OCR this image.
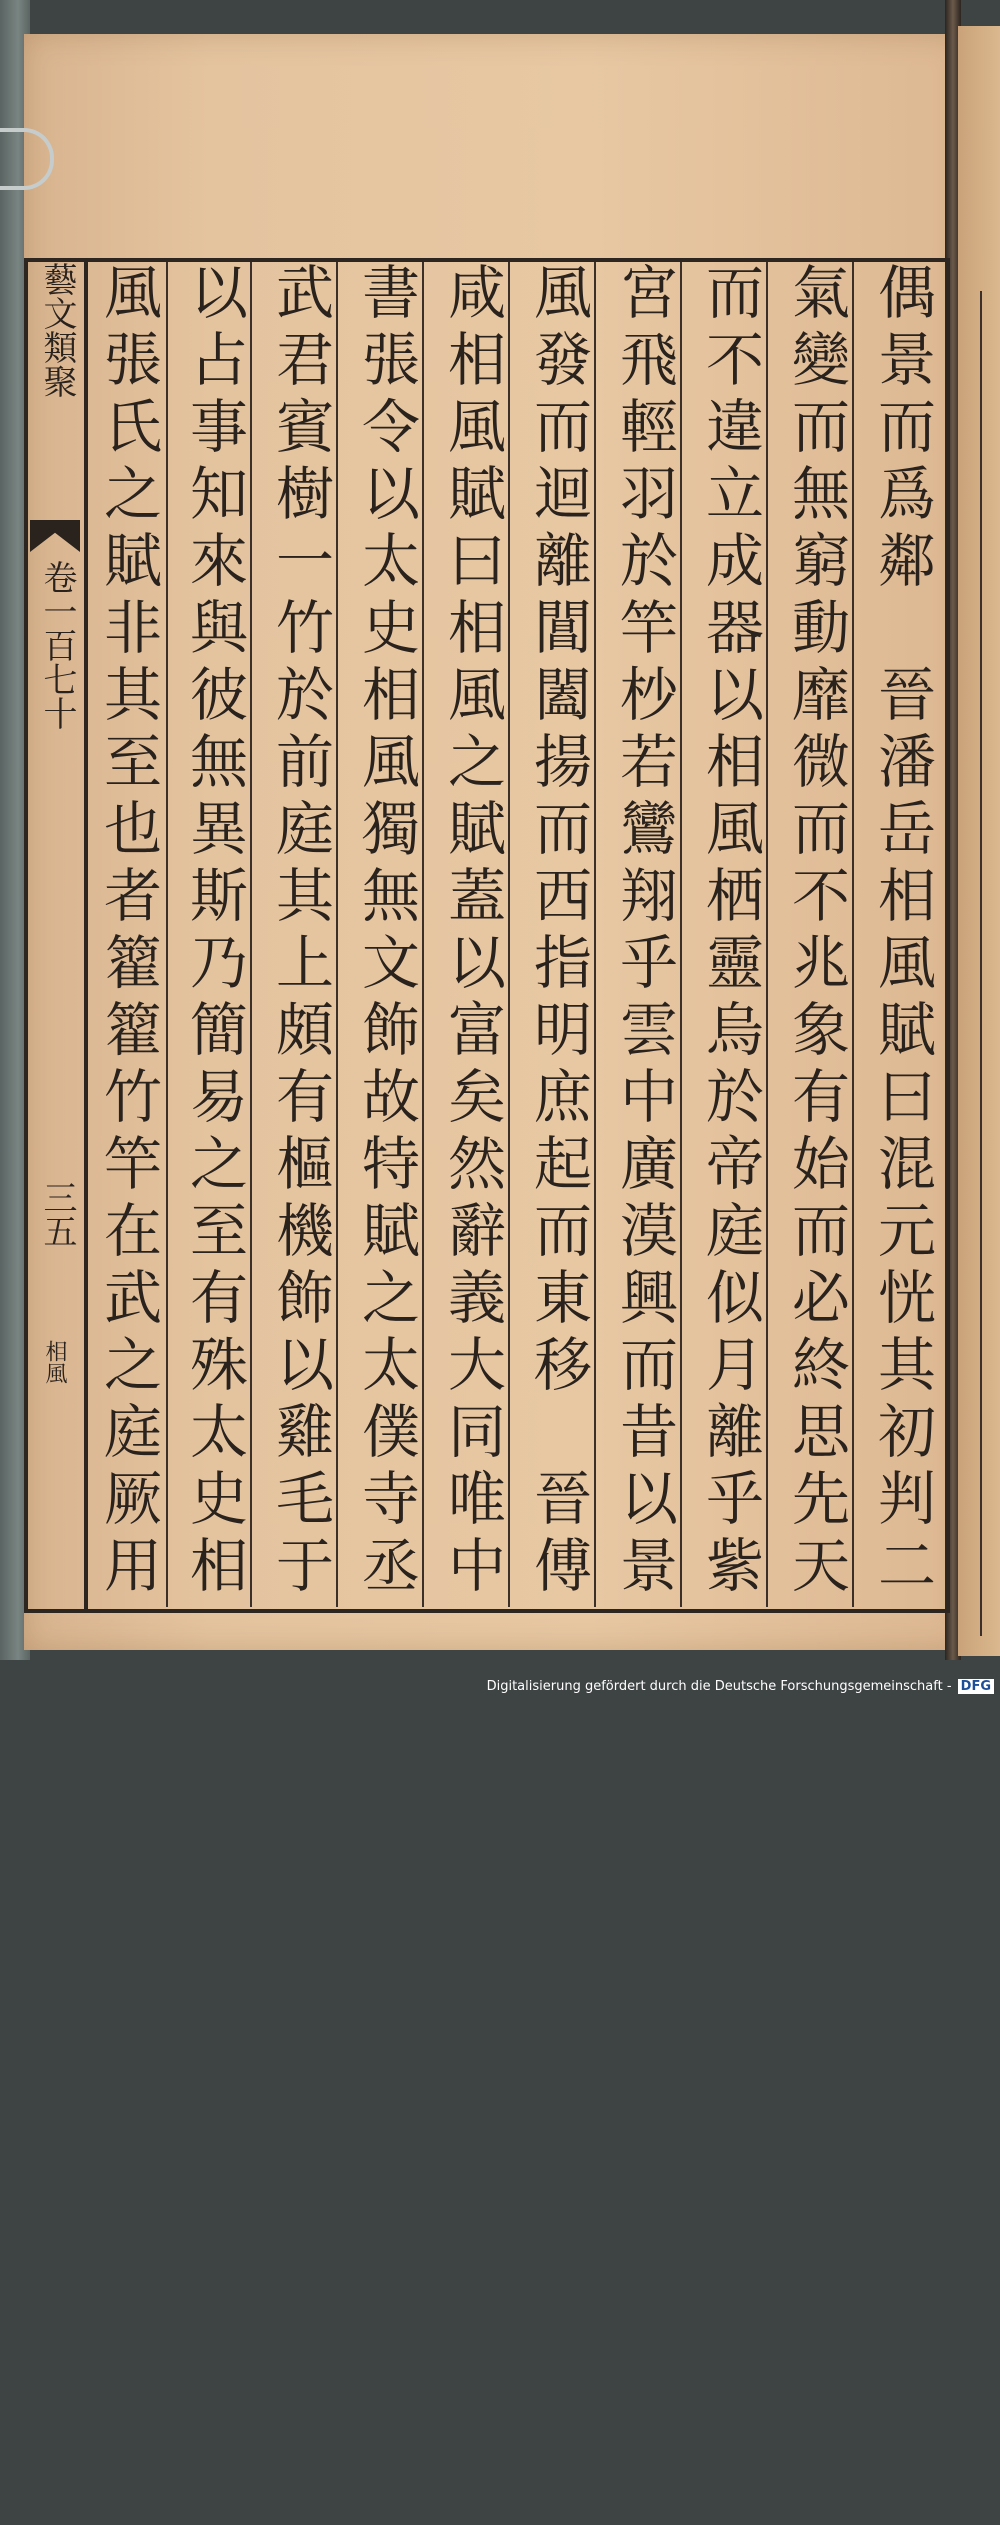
藝文類聚
卷一百七十
三五
相風	偶景而爲鄰　晉潘岳相風賦曰混元恍其初判二
氣變而無窮動靡微而不兆象有始而必終思先天
而不違立成器以相風栖靈烏於帝庭似月離乎紫
宮飛輕羽於竿杪若鸞翔乎雲中廣漠興而昔以景
風發而迴離閶闔揚而西指明庶起而東移　晉傅
咸相風賦曰相風之賦蓋以富矣然辭義大同唯中
書張令以太史相風獨無文飾故特賦之太僕寺丞
武君賓樹一竹於前庭其上頗有樞機飾以雞毛于
以占事知來與彼無異斯乃簡易之至有殊太史相
風張氏之賦非其至也者籊籊竹竿在武之庭厥用
Digitalisierung gefördert durch die Deutsche Forschungsgemeinschaft - DFG
